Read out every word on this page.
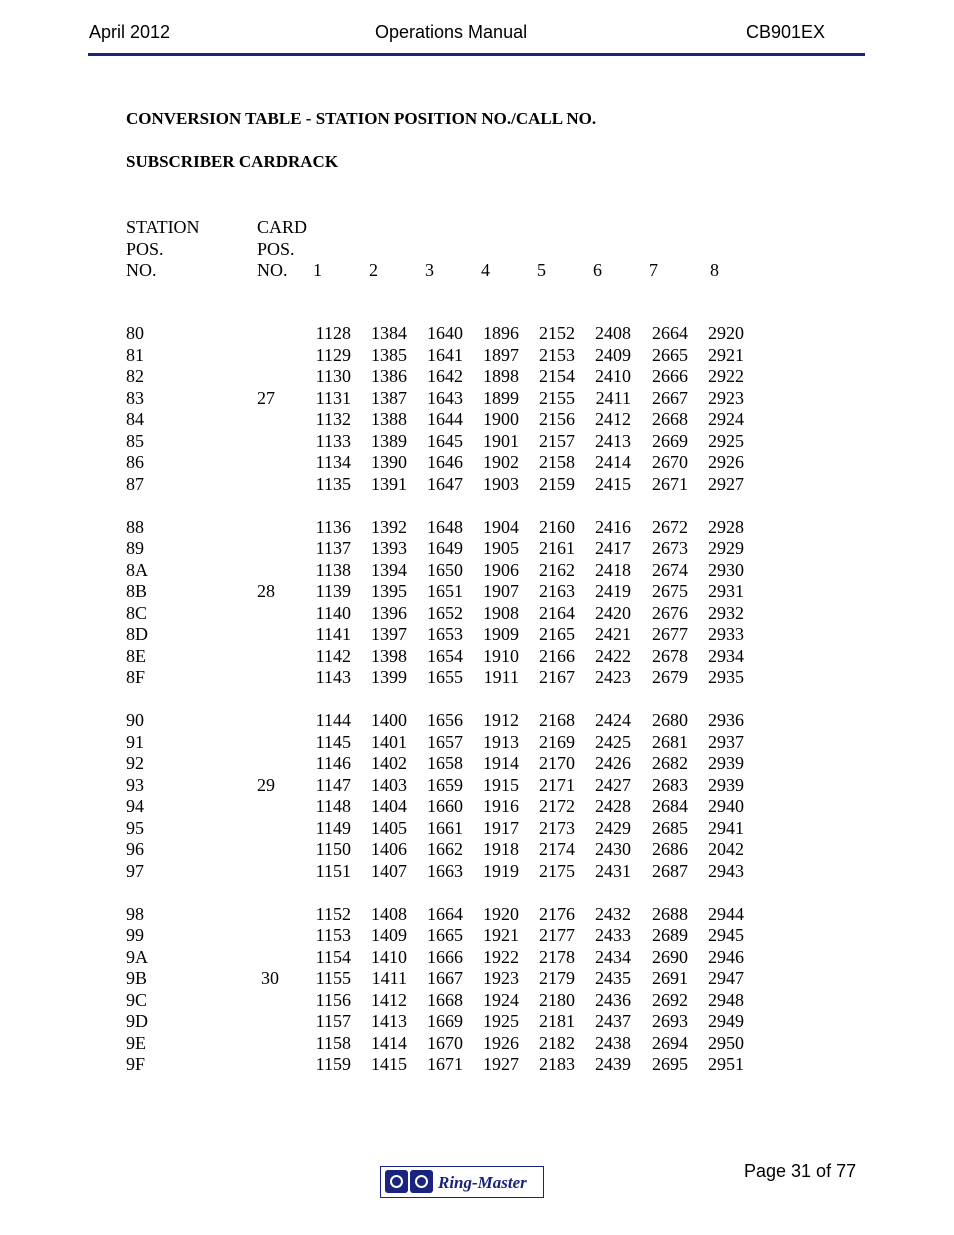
April 2012	Operations Manual	CB901EX
CONVERSION TABLE - STATION POSITION NO./CALL NO.
SUBSCRIBER CARDRACK
STATION
POS.
NO.
CARD
POS.
NO.	1	2	3	4	5	6	7	8
80	1128 1384 1640 1896 2152 2408 2664 2920
81	1129 1385 1641 1897 2153 2409 2665 2921
82	1130 1386 1642 1898 2154 2410 2666 2922
83	27 1131 1387 1643 1899 2155 2411 2667 2923
84	1132 1388 1644 1900 2156 2412 2668 2924
85	1133 1389 1645 1901 2157 2413 2669 2925
86	1134 1390 1646 1902 2158 2414 2670 2926
87	1135 1391 1647 1903 2159 2415 2671 2927
88	1136 1392 1648 1904 2160 2416 2672 2928
89	1137 1393 1649 1905 2161 2417 2673 2929
8A	1138 1394 1650 1906 2162 2418 2674 2930
8B	28 1139 1395 1651 1907 2163 2419 2675 2931
8C	1140 1396 1652 1908 2164 2420 2676 2932
8D	1141 1397 1653 1909 2165 2421 2677 2933
8E	1142 1398 1654 1910 2166 2422 2678 2934
8F	1143 1399 1655 1911 2167 2423 2679 2935
90	1144 1400 1656 1912 2168 2424 2680 2936
91	1145 1401 1657 1913 2169 2425 2681 2937
92	1146 1402 1658 1914 2170 2426 2682 2939
93	29 1147 1403 1659 1915 2171 2427 2683 2939
94	1148 1404 1660 1916 2172 2428 2684 2940
95	1149 1405 1661 1917 2173 2429 2685 2941
96	1150 1406 1662 1918 2174 2430 2686 2042
97	1151 1407 1663 1919 2175 2431 2687 2943
98	1152 1408 1664 1920 2176 2432 2688 2944
99	1153 1409 1665 1921 2177 2433 2689 2945
9A	1154 1410 1666 1922 2178 2434 2690 2946
9B	30 1155 1411 1667 1923 2179 2435 2691 2947
9C	1156 1412 1668 1924 2180 2436 2692 2948
9D	1157 1413 1669 1925 2181 2437 2693 2949
9E	1158 1414 1670 1926 2182 2438 2694 2950
9F	1159 1415 1671 1927 2183 2439 2695 2951
Ring-Master
Page 31 of 77
